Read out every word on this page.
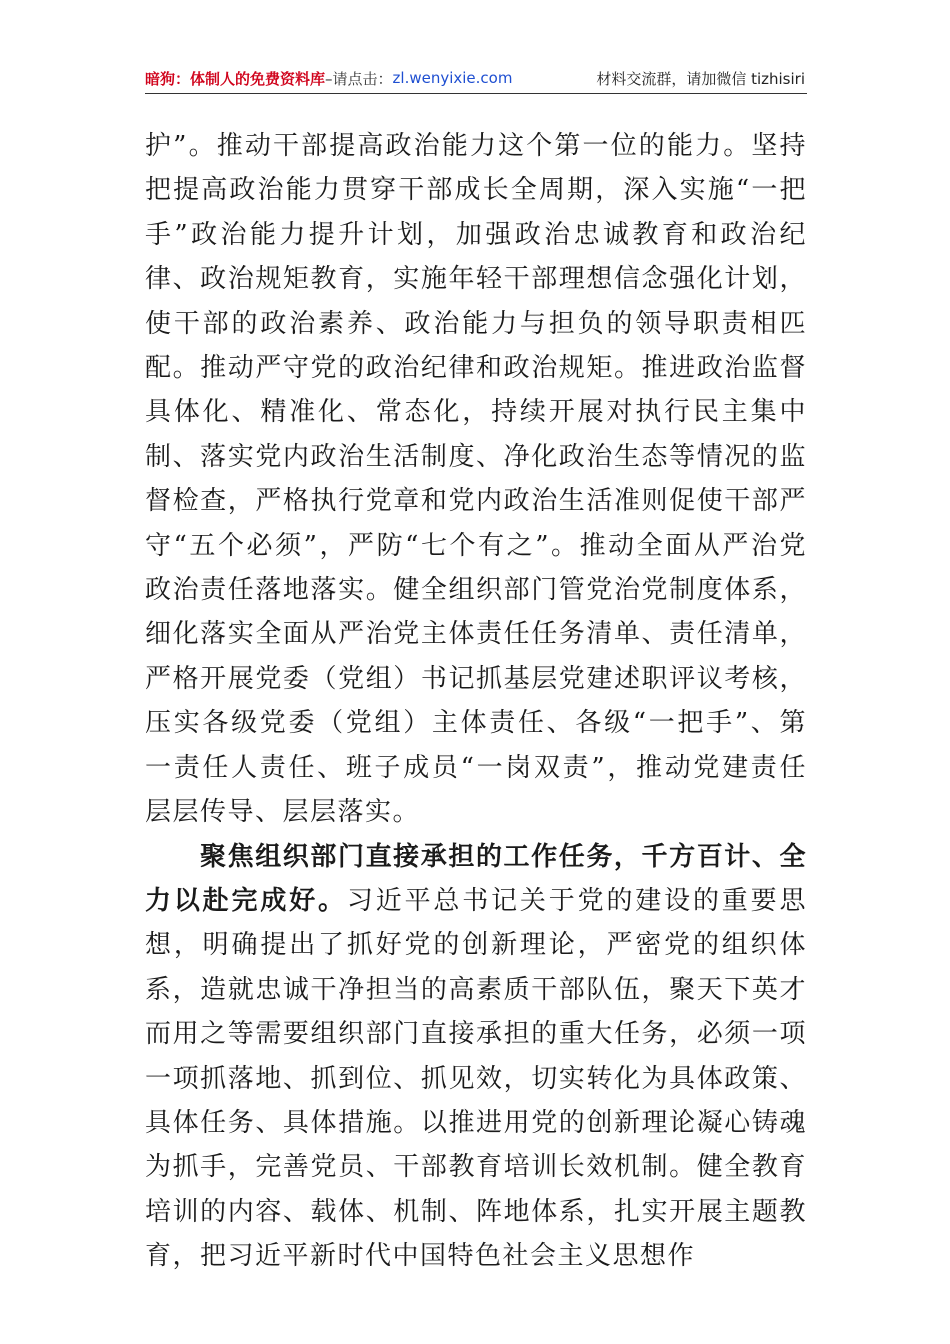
暗狗：体制人的免费资料库 –请点击： zl.wenyixie.com	材料交流群，请加微信 tizhisiri

护”。推动干部提高政治能力这个第一位的能力。坚持把提高政治能力贯穿干部成长全周期，深入实施“一把手”政治能力提升计划，加强政治忠诚教育和政治纪律、政治规矩教育，实施年轻干部理想信念强化计划，使干部的政治素养、政治能力与担负的领导职责相匹配。推动严守党的政治纪律和政治规矩。推进政治监督具体化、精准化、常态化，持续开展对执行民主集中制、落实党内政治生活制度、净化政治生态等情况的监督检查，严格执行党章和党内政治生活准则促使干部严守“五个必须”，严防“七个有之”。推动全面从严治党政治责任落地落实。健全组织部门管党治党制度体系，细化落实全面从严治党主体责任任务清单、责任清单，严格开展党委（党组）书记抓基层党建述职评议考核，压实各级党委（党组）主体责任、各级“一把手”、第一责任人责任、班子成员“一岗双责”，推动党建责任层层传导、层层落实。

聚焦组织部门直接承担的工作任务，千方百计、全力以赴完成好。习近平总书记关于党的建设的重要思想，明确提出了抓好党的创新理论，严密党的组织体系，造就忠诚干净担当的高素质干部队伍，聚天下英才而用之等需要组织部门直接承担的重大任务，必须一项一项抓落地、抓到位、抓见效，切实转化为具体政策、具体任务、具体措施。以推进用党的创新理论凝心铸魂为抓手，完善党员、干部教育培训长效机制。健全教育培训的内容、载体、机制、阵地体系，扎实开展主题教育，把习近平新时代中国特色社会主义思想作
